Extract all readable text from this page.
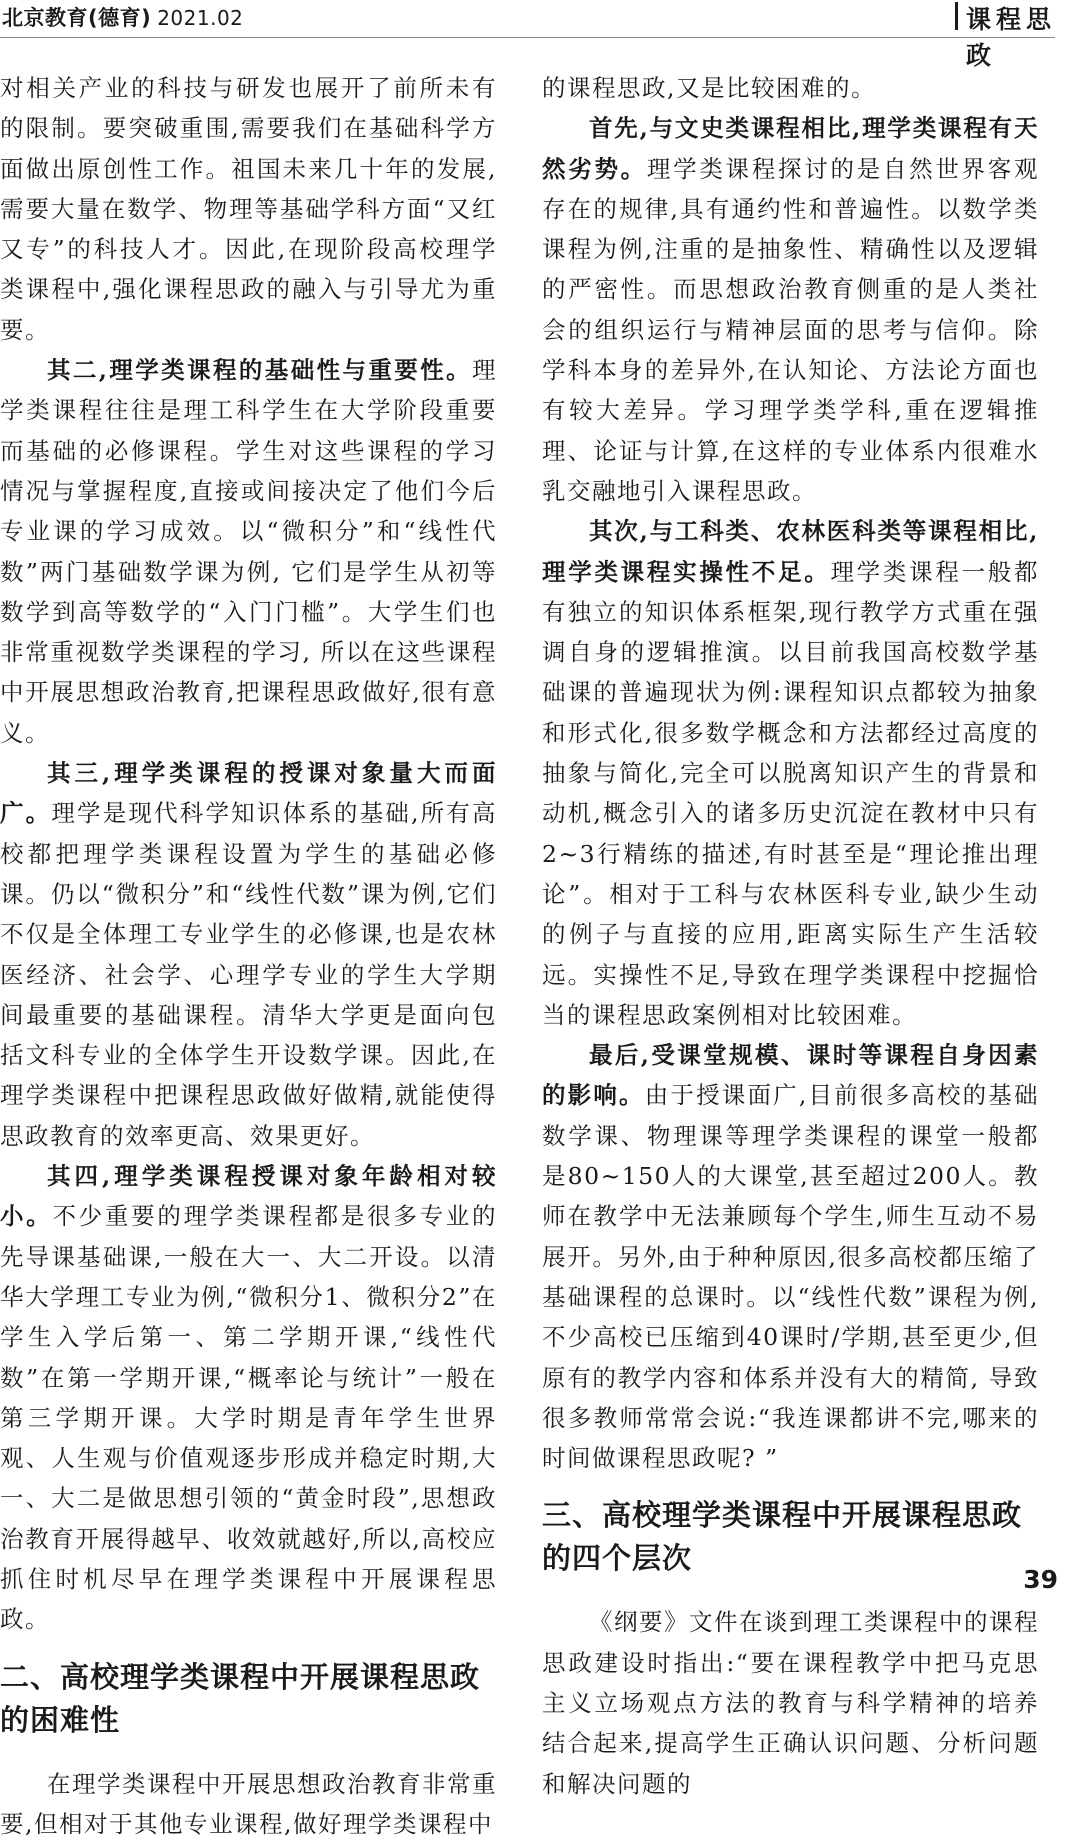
北京教育(德育) 2021.02	课程思政

对相关产业的科技与研发也展开了前所未有的限制。要突破重围,需要我们在基础科学方面做出原创性工作。祖国未来几十年的发展,需要大量在数学、物理等基础学科方面“又红又专”的科技人才。因此,在现阶段高校理学类课程中,强化课程思政的融入与引导尤为重要。

其二,理学类课程的基础性与重要性。理学类课程往往是理工科学生在大学阶段重要而基础的必修课程。学生对这些课程的学习情况与掌握程度,直接或间接决定了他们今后专业课的学习成效。以“微积分”和“线性代数”两门基础数学课为例, 它们是学生从初等数学到高等数学的“入门门槛”。大学生们也非常重视数学类课程的学习, 所以在这些课程中开展思想政治教育,把课程思政做好,很有意义。

其三,理学类课程的授课对象量大而面广。理学是现代科学知识体系的基础,所有高校都把理学类课程设置为学生的基础必修课。仍以“微积分”和“线性代数”课为例,它们不仅是全体理工专业学生的必修课,也是农林医经济、社会学、心理学专业的学生大学期间最重要的基础课程。清华大学更是面向包括文科专业的全体学生开设数学课。因此,在理学类课程中把课程思政做好做精,就能使得思政教育的效率更高、效果更好。

其四,理学类课程授课对象年龄相对较小。不少重要的理学类课程都是很多专业的先导课基础课,一般在大一、大二开设。以清华大学理工专业为例,“微积分1、微积分2”在学生入学后第一、第二学期开课,“线性代数”在第一学期开课,“概率论与统计”一般在第三学期开课。大学时期是青年学生世界观、人生观与价值观逐步形成并稳定时期,大一、大二是做思想引领的“黄金时段”,思想政治教育开展得越早、收效就越好,所以,高校应抓住时机尽早在理学类课程中开展课程思政。

二、高校理学类课程中开展课程思政的困难性

在理学类课程中开展思想政治教育非常重要,但相对于其他专业课程,做好理学类课程中

的课程思政,又是比较困难的。

首先,与文史类课程相比,理学类课程有天然劣势。理学类课程探讨的是自然世界客观存在的规律,具有通约性和普遍性。以数学类课程为例,注重的是抽象性、精确性以及逻辑的严密性。而思想政治教育侧重的是人类社会的组织运行与精神层面的思考与信仰。除学科本身的差异外,在认知论、方法论方面也有较大差异。学习理学类学科,重在逻辑推理、论证与计算,在这样的专业体系内很难水乳交融地引入课程思政。

其次,与工科类、农林医科类等课程相比,理学类课程实操性不足。理学类课程一般都有独立的知识体系框架,现行教学方式重在强调自身的逻辑推演。以目前我国高校数学基础课的普遍现状为例:课程知识点都较为抽象和形式化,很多数学概念和方法都经过高度的抽象与简化,完全可以脱离知识产生的背景和动机,概念引入的诸多历史沉淀在教材中只有2~3行精练的描述,有时甚至是“理论推出理论”。相对于工科与农林医科专业,缺少生动的例子与直接的应用,距离实际生产生活较远。实操性不足,导致在理学类课程中挖掘恰当的课程思政案例相对比较困难。

最后,受课堂规模、课时等课程自身因素的影响。由于授课面广,目前很多高校的基础数学课、物理课等理学类课程的课堂一般都是80~150人的大课堂,甚至超过200人。教师在教学中无法兼顾每个学生,师生互动不易展开。另外,由于种种原因,很多高校都压缩了基础课程的总课时。以“线性代数”课程为例,不少高校已压缩到40课时/学期,甚至更少,但原有的教学内容和体系并没有大的精简, 导致很多教师常常会说:“我连课都讲不完,哪来的时间做课程思政呢? ”

三、高校理学类课程中开展课程思政的四个层次

《纲要》文件在谈到理工类课程中的课程思政建设时指出:“要在课程教学中把马克思主义立场观点方法的教育与科学精神的培养结合起来,提高学生正确认识问题、分析问题和解决问题的

39
